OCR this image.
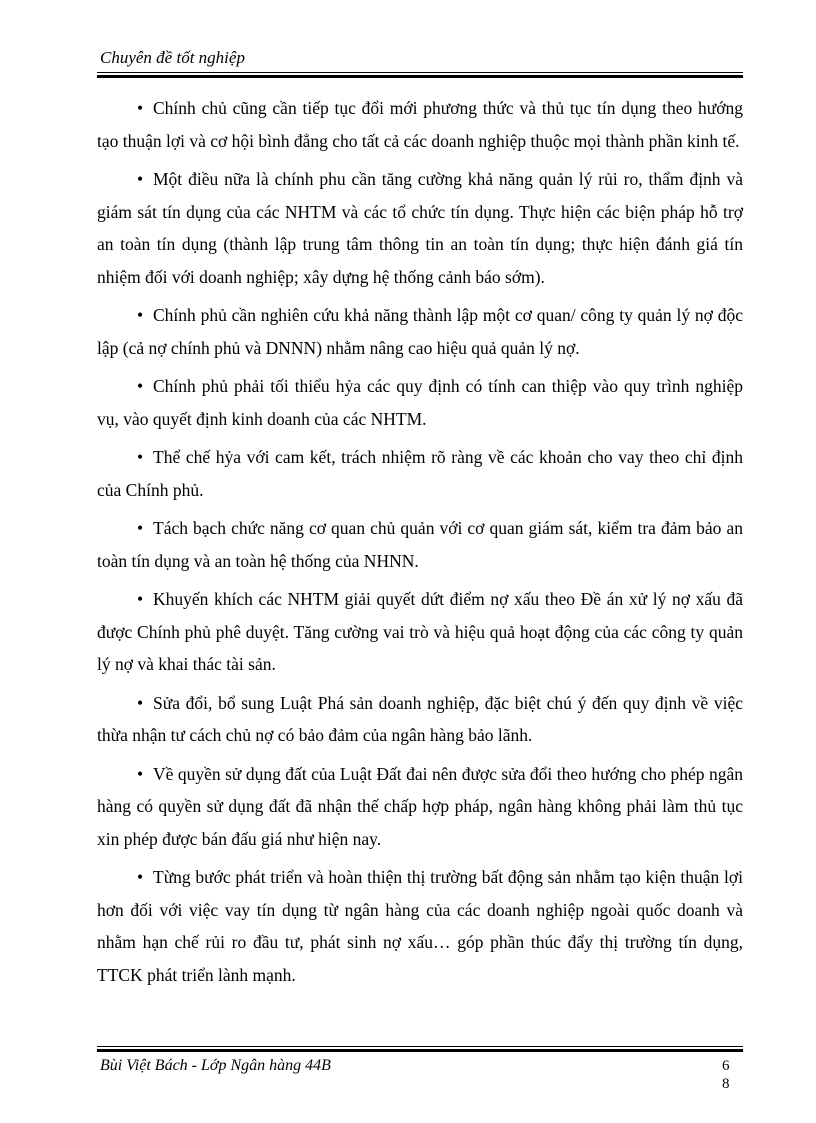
Chuyên đề tốt nghiệp

• Chính chủ cũng cần tiếp tục đổi mới phương thức và thủ tục tín dụng theo hướng tạo thuận lợi và cơ hội bình đẳng cho tất cả các doanh nghiệp thuộc mọi thành phần kinh tế.

• Một điều nữa là chính phu cần tăng cường khả năng quản lý rủi ro, thẩm định và giám sát tín dụng của các NHTM và các tổ chức tín dụng. Thực hiện các biện pháp hỗ trợ an toàn tín dụng (thành lập trung tâm thông tin an toàn tín dụng; thực hiện đánh giá tín nhiệm đối với doanh nghiệp; xây dựng hệ thống cảnh báo sớm).

• Chính phủ cần nghiên cứu khả năng thành lập một cơ quan/ công ty quản lý nợ độc lập (cả nợ chính phủ và DNNN) nhằm nâng cao hiệu quả quản lý nợ.

• Chính phủ phải tối thiểu hỷa các quy định có tính can thiệp vào quy trình nghiệp vụ, vào quyết định kinh doanh của các NHTM.

• Thể chế hỷa với cam kết, trách nhiệm rõ ràng về các khoản cho vay theo chỉ định của Chính phủ.

• Tách bạch chức năng cơ quan chủ quản với cơ quan giám sát, kiểm tra đảm bảo an toàn tín dụng và an toàn hệ thống của NHNN.

• Khuyến khích các NHTM giải quyết dứt điểm nợ xấu theo Đề án xử lý nợ xấu đã được Chính phủ phê duyệt. Tăng cường vai trò và hiệu quả hoạt động của các công ty quản lý nợ và khai thác tài sản.

• Sửa đổi, bổ sung Luật Phá sản doanh nghiệp, đặc biệt chú ý đến quy định về việc thừa nhận tư cách chủ nợ có bảo đảm của ngân hàng bảo lãnh.

• Về quyền sử dụng đất của Luật Đất đai nên được sửa đổi theo hướng cho phép ngân hàng có quyền sử dụng đất đã nhận thế chấp hợp pháp, ngân hàng không phải làm thủ tục xin phép được bán đấu giá như hiện nay.

• Từng bước phát triển và hoàn thiện thị trường bất động sản nhằm tạo kiện thuận lợi hơn đối với việc vay tín dụng từ ngân hàng của các doanh nghiệp ngoài quốc doanh và nhằm hạn chế rủi ro đầu tư, phát sinh nợ xấu… góp phần thúc đẩy thị trường tín dụng, TTCK phát triển lành mạnh.

Bùi Việt Bách - Lớp Ngân hàng 44B	6
8
